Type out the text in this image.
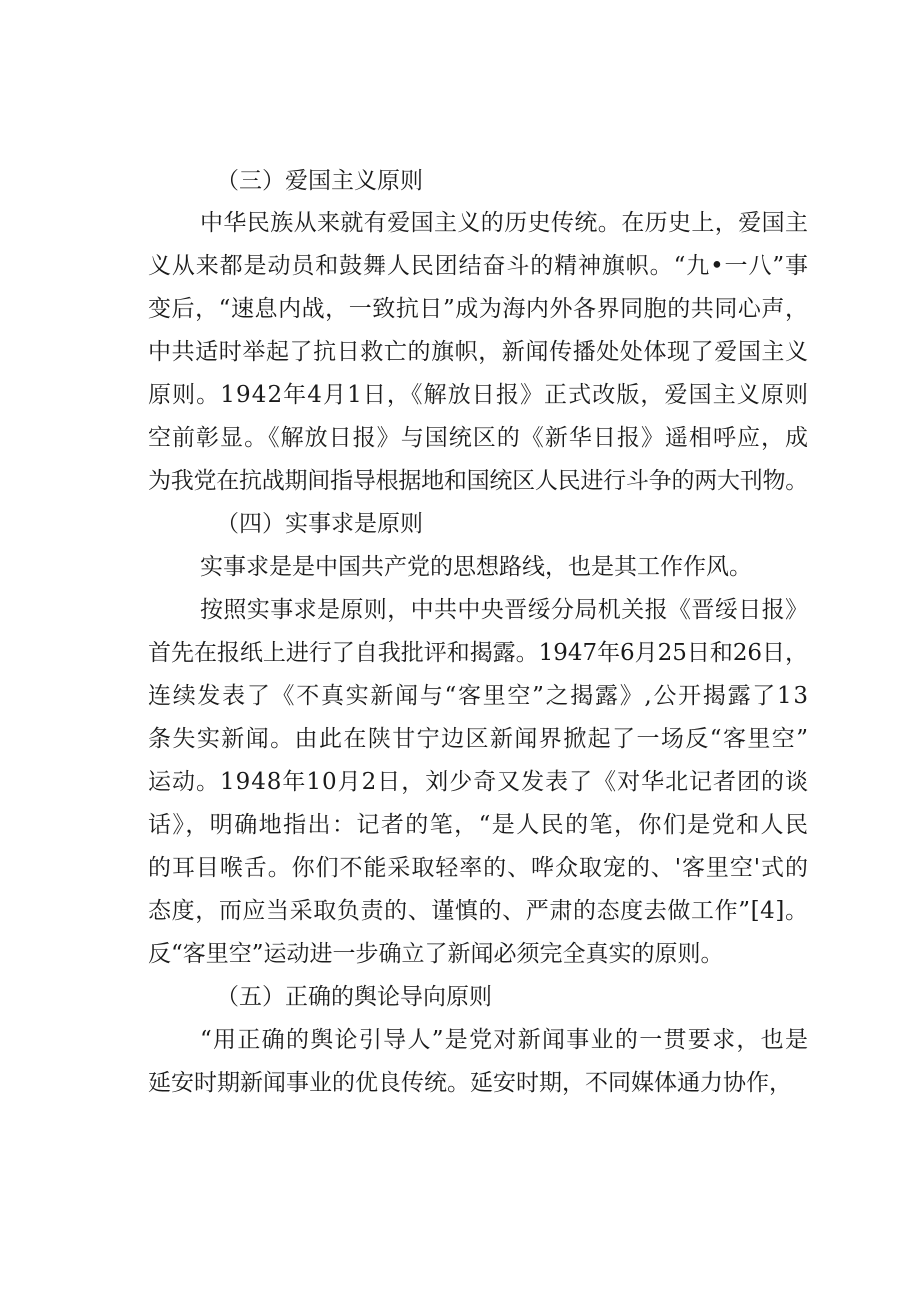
（三）爱国主义原则

中华民族从来就有爱国主义的历史传统。在历史上，爱国主

义从来都是动员和鼓舞人民团结奋斗的精神旗帜。“九•一八”事

变后，“速息内战，一致抗日”成为海内外各界同胞的共同心声，

中共适时举起了抗日救亡的旗帜，新闻传播处处体现了爱国主义

原则。1942年4月1日，《解放日报》正式改版，爱国主义原则

空前彰显。《解放日报》与国统区的《新华日报》遥相呼应，成

为我党在抗战期间指导根据地和国统区人民进行斗争的两大刊物。

（四）实事求是原则

实事求是是中国共产党的思想路线，也是其工作作风。

按照实事求是原则，中共中央晋绥分局机关报《晋绥日报》

首先在报纸上进行了自我批评和揭露。1947年6月25日和26日，

连续发表了《不真实新闻与“客里空”之揭露》,公开揭露了13

条失实新闻。由此在陕甘宁边区新闻界掀起了一场反“客里空”

运动。1948年10月2日，刘少奇又发表了《对华北记者团的谈

话》，明确地指出：记者的笔，“是人民的笔，你们是党和人民

的耳目喉舌。你们不能采取轻率的、哗众取宠的、'客里空'式的

态度，而应当采取负责的、谨慎的、严肃的态度去做工作”[4]。

反“客里空”运动进一步确立了新闻必须完全真实的原则。

（五）正确的舆论导向原则

“用正确的舆论引导人”是党对新闻事业的一贯要求，也是

延安时期新闻事业的优良传统。延安时期，不同媒体通力协作，
